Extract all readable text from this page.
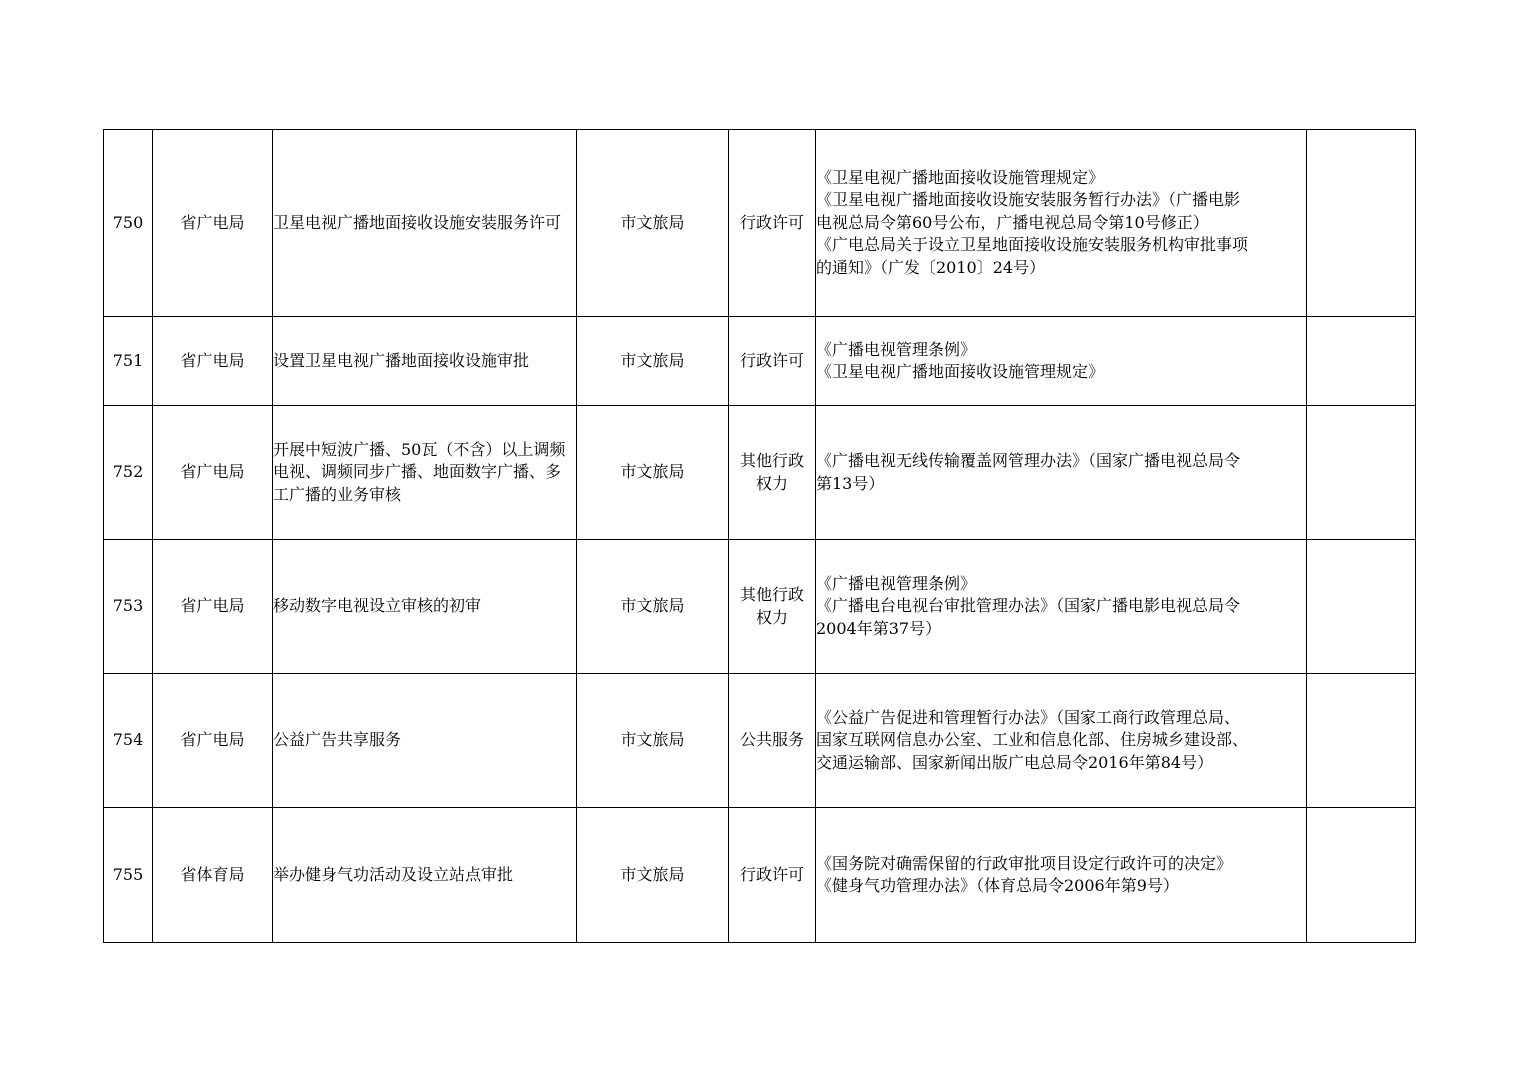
750	省广电局	卫星电视广播地面接收设施安装服务许可	市文旅局	行政许可	《卫星电视广播地面接收设施管理规定》
《卫星电视广播地面接收设施安装服务暂行办法》（广播电影
电视总局令第60号公布，广播电视总局令第10号修正）
《广电总局关于设立卫星地面接收设施安装服务机构审批事项
的通知》（广发〔2010〕24号）	

751	省广电局	设置卫星电视广播地面接收设施审批	市文旅局	行政许可	《广播电视管理条例》
《卫星电视广播地面接收设施管理规定》	

752	省广电局	开展中短波广播、50瓦（不含）以上调频电视、调频同步广播、地面数字广播、多工广播的业务审核	市文旅局	其他行政权力	《广播电视无线传输覆盖网管理办法》（国家广播电视总局令
第13号）	

753	省广电局	移动数字电视设立审核的初审	市文旅局	其他行政权力	《广播电视管理条例》
《广播电台电视台审批管理办法》（国家广播电影电视总局令
2004年第37号）	

754	省广电局	公益广告共享服务	市文旅局	公共服务	《公益广告促进和管理暂行办法》（国家工商行政管理总局、
国家互联网信息办公室、工业和信息化部、住房城乡建设部、
交通运输部、国家新闻出版广电总局令2016年第84号）	

755	省体育局	举办健身气功活动及设立站点审批	市文旅局	行政许可	《国务院对确需保留的行政审批项目设定行政许可的决定》
《健身气功管理办法》（体育总局令2006年第9号）	
